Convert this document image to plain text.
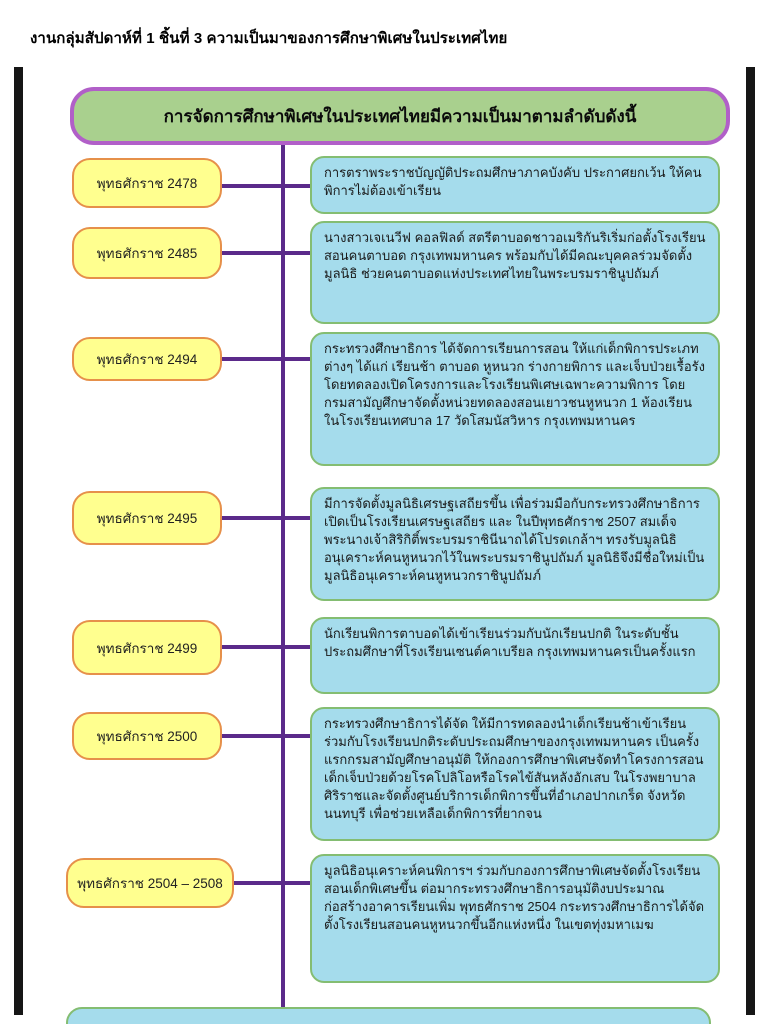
งานกลุ่มสัปดาห์ที่ 1 ชิ้นที่ 3 ความเป็นมาของการศึกษาพิเศษในประเทศไทย
การจัดการศึกษาพิเศษในประเทศไทยมีความเป็นมาตามลำดับดังนี้
พุทธศักราช 2478
การตราพระราชบัญญัติประถมศึกษาภาคบังคับ ประกาศยกเว้น ให้คนพิการไม่ต้องเข้าเรียน
พุทธศักราช 2485
นางสาวเจเนวีฟ คอลฟิลด์ สตรีตาบอดชาวอเมริกันริเริ่มก่อตั้งโรงเรียนสอนคนตาบอด กรุงเทพมหานคร พร้อมกับได้มีคณะบุคคลร่วมจัดตั้งมูลนิธิ ช่วยคนตาบอดแห่งประเทศไทยในพระบรมราชินูปถัมภ์
พุทธศักราช 2494
กระทรวงศึกษาธิการ ได้จัดการเรียนการสอน ให้แก่เด็กพิการประเภทต่างๆ ได้แก่ เรียนช้า ตาบอด หูหนวก ร่างกายพิการ และเจ็บป่วยเรื้อรัง โดยทดลองเปิดโครงการและโรงเรียนพิเศษเฉพาะความพิการ โดยกรมสามัญศึกษาจัดตั้งหน่วยทดลองสอนเยาวชนหูหนวก 1 ห้องเรียน ในโรงเรียนเทศบาล 17 วัดโสมนัสวิหาร กรุงเทพมหานคร
พุทธศักราช 2495
มีการจัดตั้งมูลนิธิเศรษฐเสถียรขึ้น เพื่อร่วมมือกับกระทรวงศึกษาธิการเปิดเป็นโรงเรียนเศรษฐเสถียร และ ในปีพุทธศักราช 2507 สมเด็จพระนางเจ้าสิริกิติ์พระบรมราชินีนาถได้โปรดเกล้าฯ ทรงรับมูลนิธิอนุเคราะห์คนหูหนวกไว้ในพระบรมราชินูปถัมภ์ มูลนิธิจึงมีชื่อใหม่เป็นมูลนิธิอนุเคราะห์คนหูหนวกราชินูปถัมภ์
พุทธศักราช 2499
นักเรียนพิการตาบอดได้เข้าเรียนร่วมกับนักเรียนปกติ ในระดับชั้นประถมศึกษาที่โรงเรียนเซนต์คาเบรียล กรุงเทพมหานครเป็นครั้งแรก
พุทธศักราช 2500
กระทรวงศึกษาธิการได้จัด ให้มีการทดลองนำเด็กเรียนช้าเข้าเรียนร่วมกับโรงเรียนปกติระดับประถมศึกษาของกรุงเทพมหานคร เป็นครั้งแรกกรมสามัญศึกษาอนุมัติ ให้กองการศึกษาพิเศษจัดทำโครงการสอนเด็กเจ็บป่วยด้วยโรคโปลิโอหรือโรคไข้สันหลังอักเสบ ในโรงพยาบาลศิริราชและจัดตั้งศูนย์บริการเด็กพิการขึ้นที่อำเภอปากเกร็ด จังหวัดนนทบุรี เพื่อช่วยเหลือเด็กพิการที่ยากจน
พุทธศักราช 2504 – 2508
มูลนิธิอนุเคราะห์คนพิการฯ ร่วมกับกองการศึกษาพิเศษจัดตั้งโรงเรียนสอนเด็กพิเศษขึ้น ต่อมากระทรวงศึกษาธิการอนุมัติงบประมาณก่อสร้างอาคารเรียนเพิ่ม พุทธศักราช 2504 กระทรวงศึกษาธิการได้จัดตั้งโรงเรียนสอนคนหูหนวกขึ้นอีกแห่งหนึ่ง ในเขตทุ่งมหาเมฆ
